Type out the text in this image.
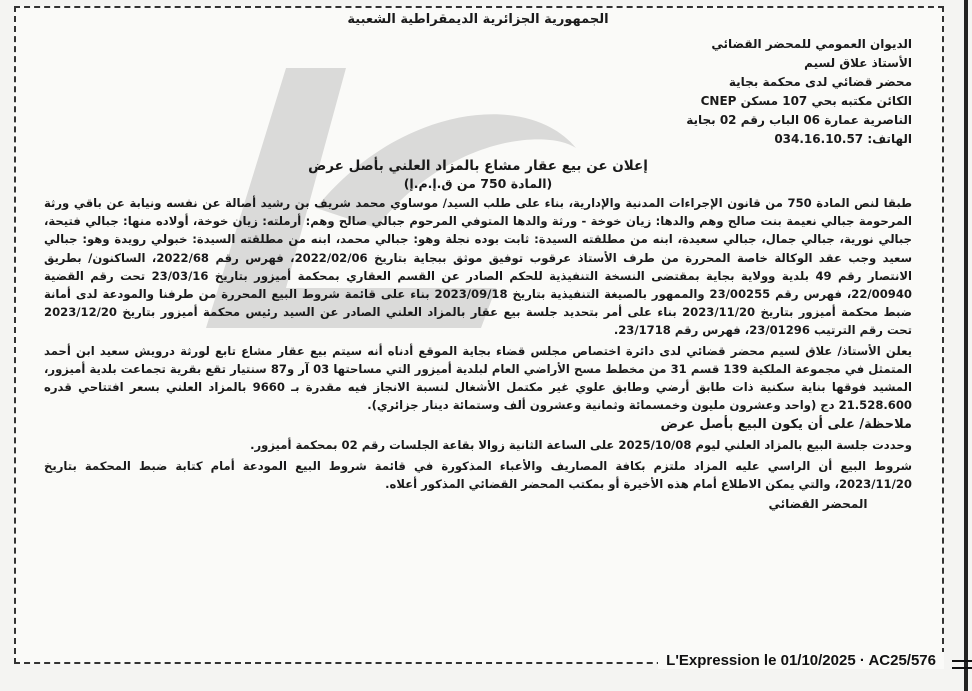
الجمهورية الجزائرية الديمقراطية الشعبية
الديوان العمومي للمحضر القضائي
الأستاذ علاق لسيم
محضر قضائي لدى محكمة بجاية
الكائن مكتبه بحي 107 مسكن CNEP
الناصرية عمارة 06 الباب رقم 02 بجاية
الهاتف: 034.16.10.57
إعلان عن بيع عقار مشاع بالمزاد العلني بأصل عرض
(المادة 750 من ق.إ.م.إ)

طبقا لنص المادة 750 من قانون الإجراءات المدنية والإدارية، بناء على طلب السيد/ موساوي محمد شريف بن رشيد أصالة عن نفسه ونيابة عن باقي ورثة المرحومة جبالي نعيمة بنت صالح وهم والدها: زيان خوخة - ورثة والدها المتوفي المرحوم جبالي صالح وهم: أرملته: زيان خوخة، أولاده منها: جبالي فتيحة، جبالي نورية، جبالي جمال، جبالي سعيدة، ابنه من مطلقته السيدة: ثابت بوده نجلة وهو: جبالي محمد، ابنه من مطلقته السيدة: خبولي رويدة وهو: جبالي سعيد وجب عقد الوكالة خاصة المحررة من طرف الأستاذ عرقوب توفيق موثق ببجاية بتاريخ 2022/02/06، فهرس رقم 2022/68، الساكنون/ بطريق الانتصار رقم 49 بلدية وولاية بجاية بمقتضى النسخة التنفيذية للحكم الصادر عن القسم العقاري بمحكمة أميزور بتاريخ 23/03/16 تحت رقم القضية 22/00940، فهرس رقم 23/00255 والممهور بالصيغة التنفيذية بتاريخ 2023/09/18 بناء على قائمة شروط البيع المحررة من طرفنا والمودعة لدى أمانة ضبط محكمة أميزور بتاريخ 2023/11/20 بناء على أمر بتحديد جلسة بيع عقار بالمزاد العلني الصادر عن السيد رئيس محكمة أميزور بتاريخ 2023/12/20 تحت رقم الترتيب 23/01296، فهرس رقم 23/1718.

يعلن الأستاذ/ علاق لسيم محضر قضائي لدى دائرة اختصاص مجلس قضاء بجاية الموقع أدناه أنه سيتم بيع عقار مشاع تابع لورثة درويش سعيد ابن أحمد المتمثل في مجموعة الملكية 139 قسم 31 من مخطط مسح الأراضي العام لبلدية أميزور التي مساحتها 03 آر و87 سنتيار تقع بقرية تجماعت بلدية أميزور، المشيد فوقها بناية سكنية ذات طابق أرضي وطابق علوي غير مكتمل الأشغال لنسبة الانجاز فيه مقدرة بـ 9660 بالمزاد العلني بسعر افتتاحي قدره 21.528.600 دج (واحد وعشرون مليون وخمسمائة وثمانية وعشرون ألف وستمائة دينار جزائري).

ملاحظة/ على أن يكون البيع بأصل عرض

وحددت جلسة البيع بالمزاد العلني ليوم 2025/10/08 على الساعة الثانية زوالا بقاعة الجلسات رقم 02 بمحكمة أميزور.

شروط البيع أن الراسي عليه المزاد ملتزم بكافة المصاريف والأعباء المذكورة في قائمة شروط البيع المودعة أمام كتابة ضبط المحكمة بتاريخ 2023/11/20، والتي يمكن الاطلاع أمام هذه الأخيرة أو بمكتب المحضر القضائي المذكور أعلاه.

المحضر القضائي
L'Expression le 01/10/2025 · AC25/576
